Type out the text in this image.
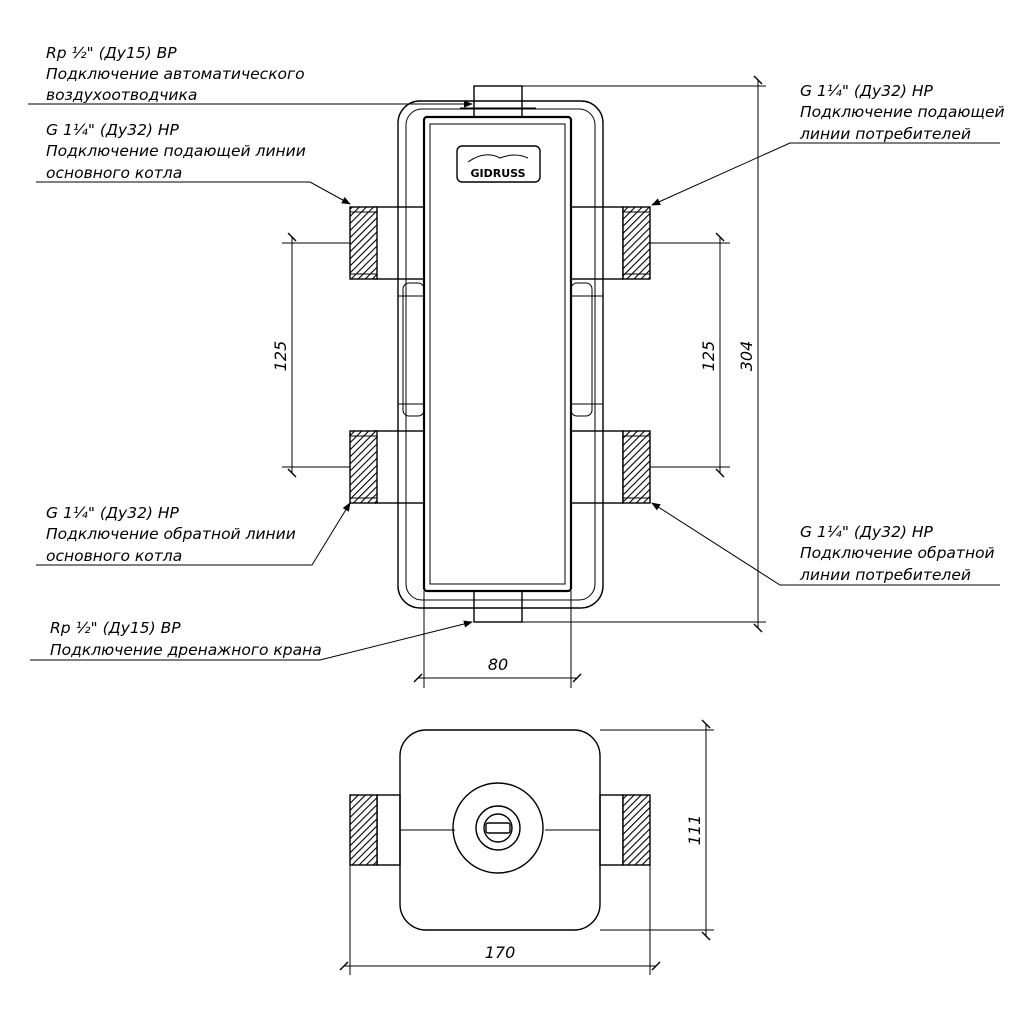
GIDRUSS
125	125 304
80
Rp ½" (Ду15) ВР
Подключение автоматического
воздухоотводчика
G 1¼" (Ду32) НР
Подключение подающей линии
основного котла
G 1¼" (Ду32) НР
Подключение подающей
линии потребителей
G 1¼" (Ду32) НР
Подключение обратной линии
основного котла
G 1¼" (Ду32) НР
Подключение обратной
линии потребителей
Rp ½" (Ду15) ВР
Подключение дренажного крана
111
170
